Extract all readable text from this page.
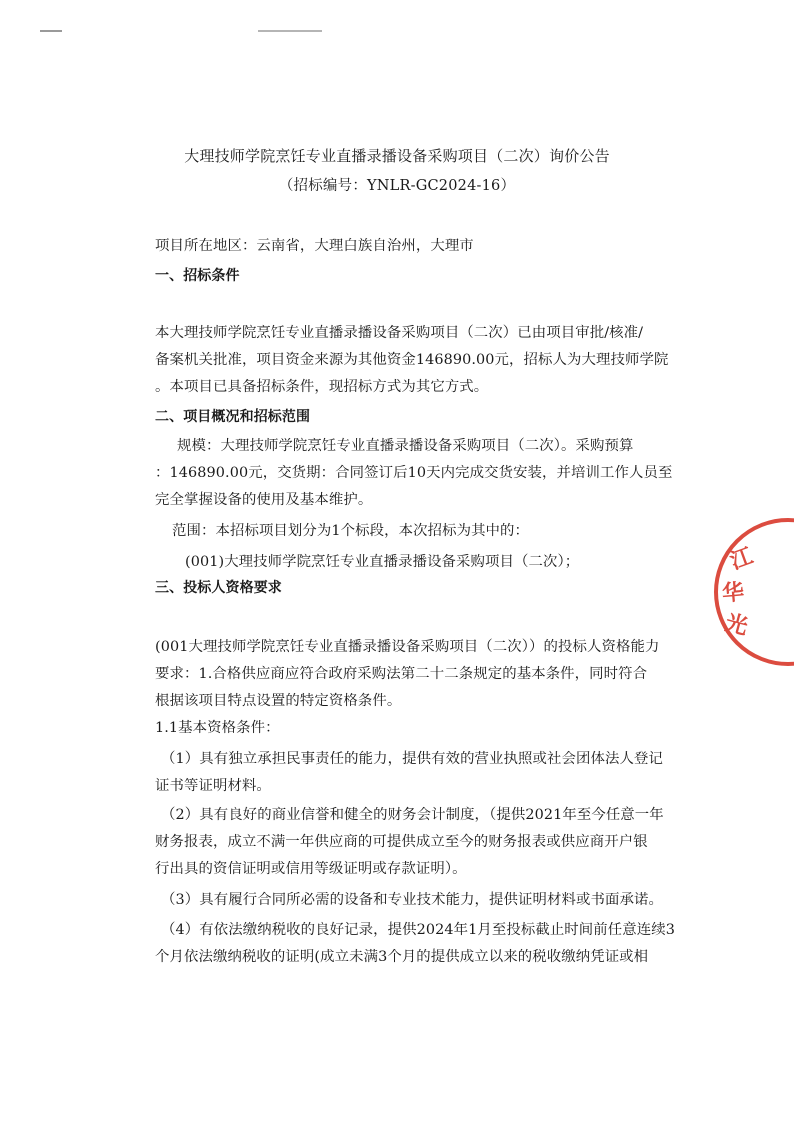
大理技师学院烹饪专业直播录播设备采购项目（二次）询价公告
（招标编号：YNLR-GC2024-16）
项目所在地区：云南省，大理白族自治州，大理市
一、招标条件
本大理技师学院烹饪专业直播录播设备采购项目（二次）已由项目审批/核准/
备案机关批准，项目资金来源为其他资金146890.00元，招标人为大理技师学院
。本项目已具备招标条件，现招标方式为其它方式。
二、项目概况和招标范围
规模：大理技师学院烹饪专业直播录播设备采购项目（二次）。采购预算
：146890.00元，交货期：合同签订后10天内完成交货安装，并培训工作人员至
完全掌握设备的使用及基本维护。
范围：本招标项目划分为1个标段，本次招标为其中的：
(001)大理技师学院烹饪专业直播录播设备采购项目（二次）；
三、投标人资格要求
(001大理技师学院烹饪专业直播录播设备采购项目（二次））的投标人资格能力
要求：1.合格供应商应符合政府采购法第二十二条规定的基本条件，同时符合
根据该项目特点设置的特定资格条件。
1.1基本资格条件：
（1）具有独立承担民事责任的能力，提供有效的营业执照或社会团体法人登记
证书等证明材料。
（2）具有良好的商业信誉和健全的财务会计制度，（提供2021年至今任意一年
财务报表，成立不满一年供应商的可提供成立至今的财务报表或供应商开户银
行出具的资信证明或信用等级证明或存款证明）。
（3）具有履行合同所必需的设备和专业技术能力，提供证明材料或书面承诺。
（4）有依法缴纳税收的良好记录，提供2024年1月至投标截止时间前任意连续3
个月依法缴纳税收的证明(成立未满3个月的提供成立以来的税收缴纳凭证或相
江
华
光
